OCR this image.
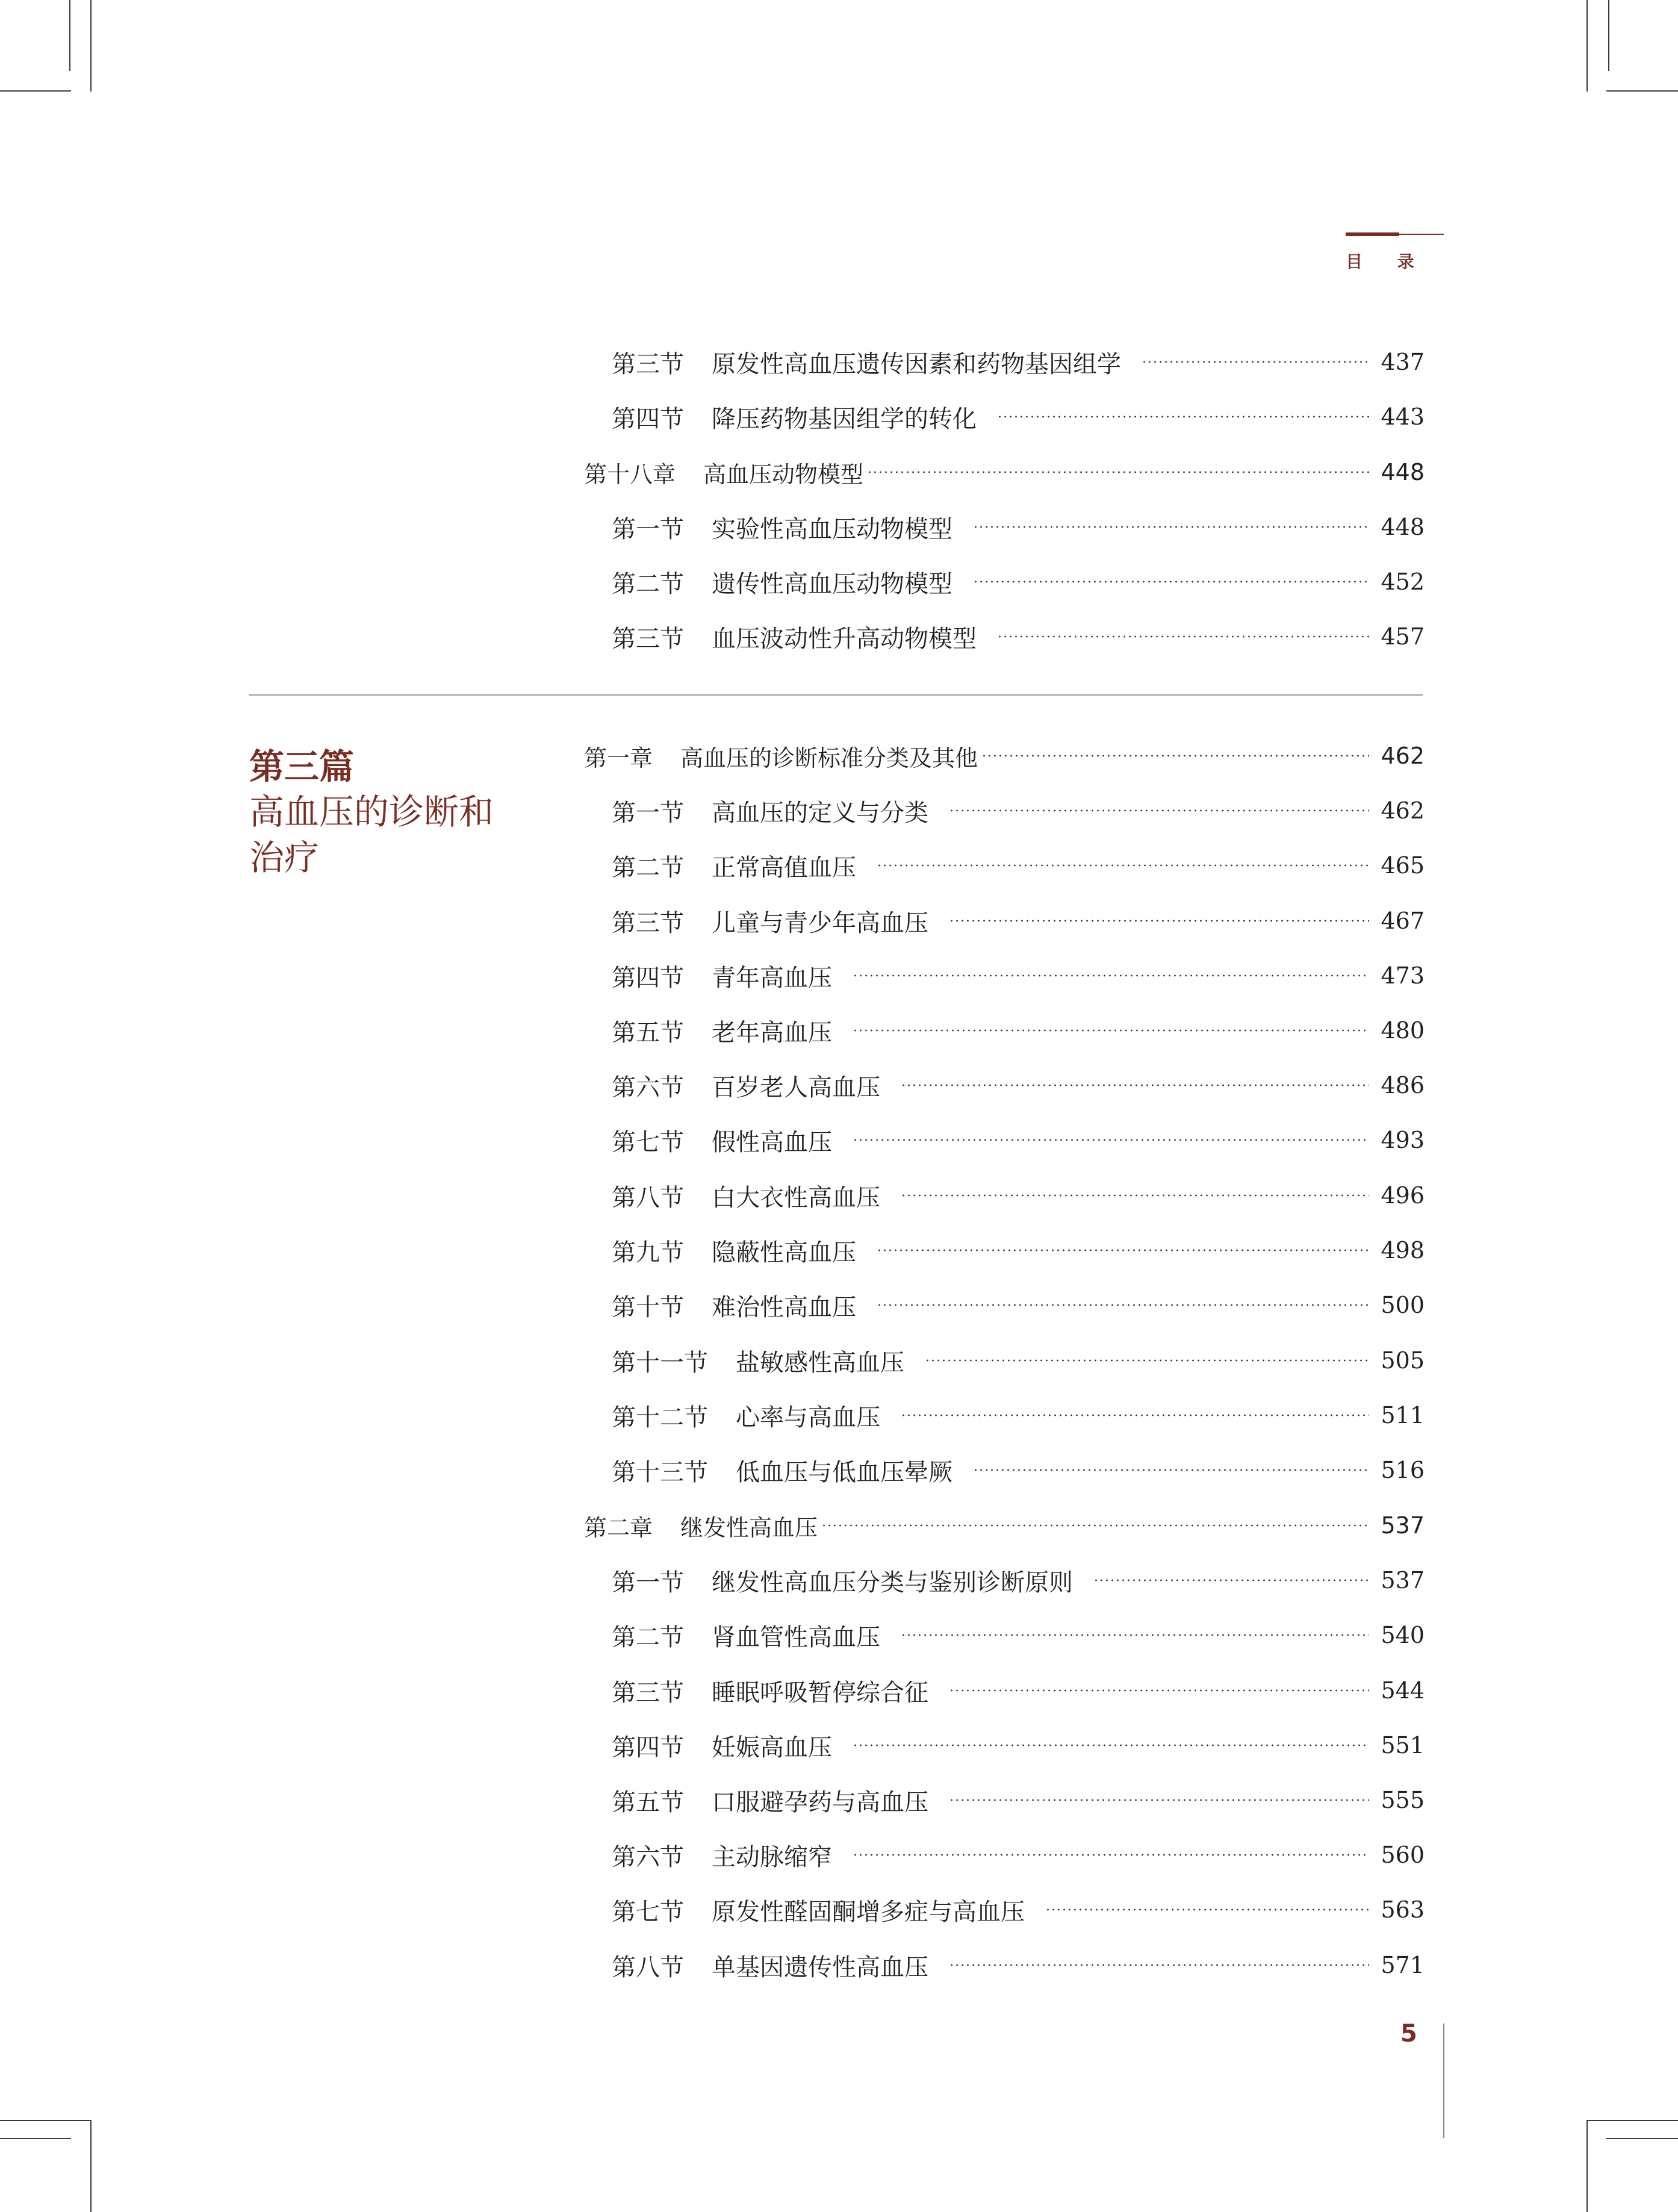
目 录
第三篇
高血压的诊断和治疗
第三节 原发性高血压遗传因素和药物基因组学	437
第四节 降压药物基因组学的转化	443
第十八章 高血压动物模型	448
第一节 实验性高血压动物模型	448
第二节 遗传性高血压动物模型	452
第三节 血压波动性升高动物模型	457
第一章 高血压的诊断标准分类及其他	462
第一节 高血压的定义与分类	462
第二节 正常高值血压	465
第三节 儿童与青少年高血压	467
第四节 青年高血压	473
第五节 老年高血压	480
第六节 百岁老人高血压	486
第七节 假性高血压	493
第八节 白大衣性高血压	496
第九节 隐蔽性高血压	498
第十节 难治性高血压	500
第十一节 盐敏感性高血压	505
第十二节 心率与高血压	511
第十三节 低血压与低血压晕厥	516
第二章 继发性高血压	537
第一节 继发性高血压分类与鉴别诊断原则	537
第二节 肾血管性高血压	540
第三节 睡眠呼吸暂停综合征	544
第四节 妊娠高血压	551
第五节 口服避孕药与高血压	555
第六节 主动脉缩窄	560
第七节 原发性醛固酮增多症与高血压	563
第八节 单基因遗传性高血压	571
5
